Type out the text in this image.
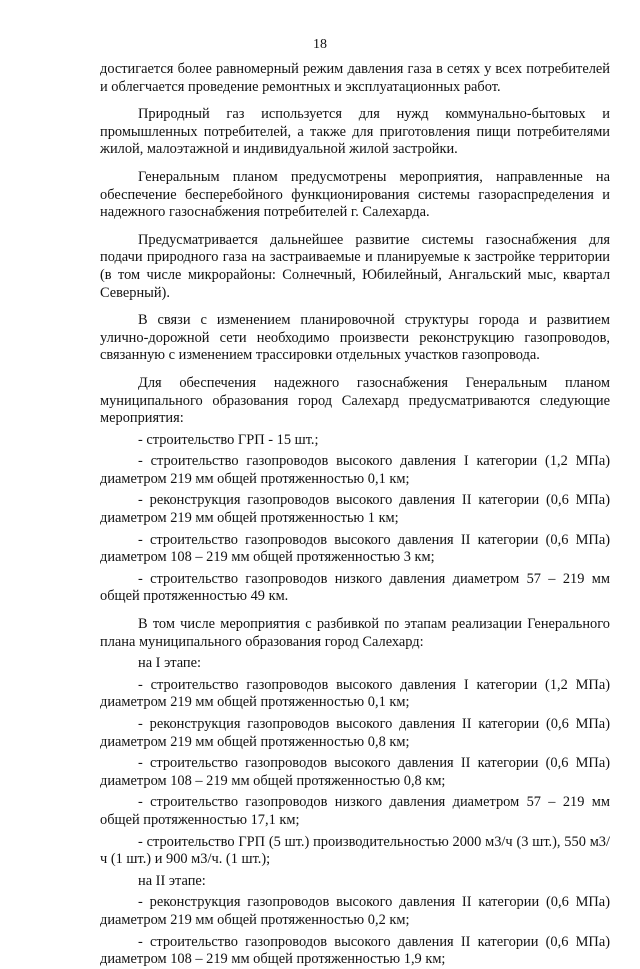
18

достигается более равномерный режим давления газа в сетях у всех потребителей и облегчается проведение ремонтных и эксплуатационных работ.

Природный газ используется для нужд коммунально-бытовых и промышленных потребителей, а также для приготовления пищи потребителями жилой, малоэтажной и индивидуальной жилой застройки.

Генеральным планом предусмотрены мероприятия, направленные на обеспечение бесперебойного функционирования системы газораспределения и надежного газоснабжения потребителей г. Салехарда.

Предусматривается дальнейшее развитие системы газоснабжения для подачи природного газа на застраиваемые и планируемые к застройке территории (в том числе микрорайоны: Солнечный, Юбилейный, Ангальский мыс, квартал Северный).

В связи с изменением планировочной структуры города и развитием улично-дорожной сети необходимо произвести реконструкцию газопроводов, связанную с изменением трассировки отдельных участков газопровода.

Для обеспечения надежного газоснабжения Генеральным планом муниципального образования город Салехард предусматриваются следующие мероприятия:

- строительство ГРП - 15 шт.;

- строительство газопроводов высокого давления I категории (1,2 МПа) диаметром 219 мм общей протяженностью 0,1 км;

- реконструкция газопроводов высокого давления II категории (0,6 МПа) диаметром 219 мм общей протяженностью 1 км;

- строительство газопроводов высокого давления II категории (0,6 МПа) диаметром 108 – 219 мм общей протяженностью 3 км;

- строительство газопроводов низкого давления диаметром 57 – 219 мм общей протяженностью 49 км.

В том числе мероприятия с разбивкой по этапам реализации Генерального плана муниципального образования город Салехард:

на I этапе:

- строительство газопроводов высокого давления I категории (1,2 МПа) диаметром 219 мм общей протяженностью 0,1 км;

- реконструкция газопроводов высокого давления II категории (0,6 МПа) диаметром 219 мм общей протяженностью 0,8 км;

- строительство газопроводов высокого давления II категории (0,6 МПа) диаметром 108 – 219 мм общей протяженностью 0,8 км;

- строительство газопроводов низкого давления диаметром 57 – 219 мм общей протяженностью 17,1 км;

- строительство ГРП (5 шт.) производительностью 2000 м3/ч (3 шт.), 550 м3/ч (1 шт.) и 900 м3/ч. (1 шт.);

на II этапе:

- реконструкция газопроводов высокого давления II категории (0,6 МПа) диаметром 219 мм общей протяженностью 0,2 км;

- строительство газопроводов высокого давления II категории (0,6 МПа) диаметром 108 – 219 мм общей протяженностью 1,9 км;
